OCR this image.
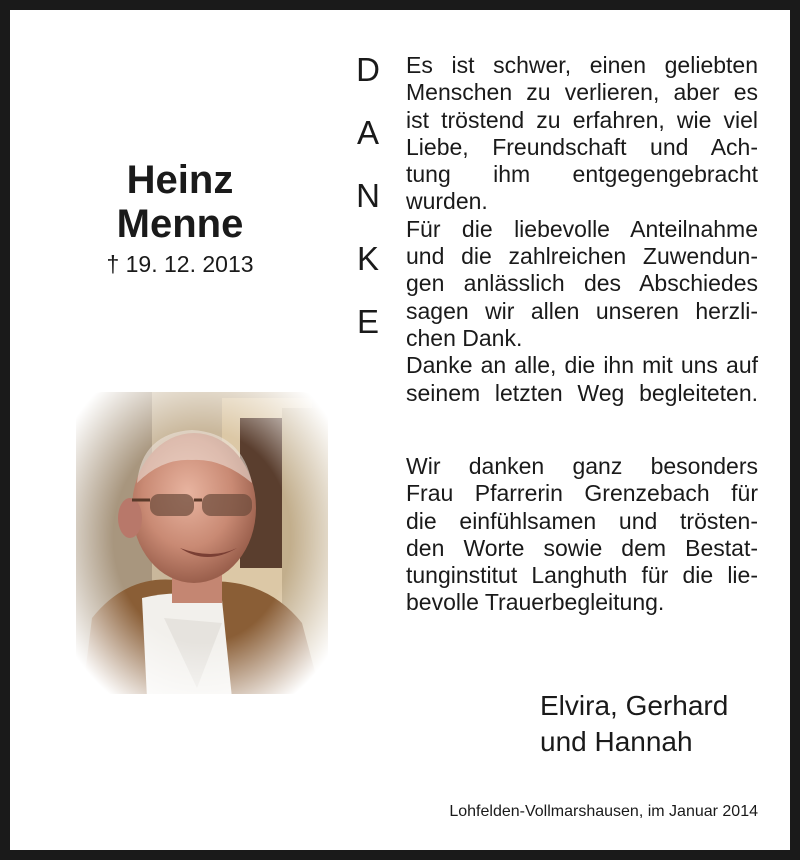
Heinz
Menne
† 19. 12. 2013
D
A
N
K
E
Es ist schwer, einen geliebten
Menschen zu verlieren, aber es
ist tröstend zu erfahren, wie viel
Liebe, Freundschaft und Ach-
tung ihm entgegengebracht
wurden.
Für die liebevolle Anteilnahme
und die zahlreichen Zuwendun-
gen anlässlich des Abschiedes
sagen wir allen unseren herzli-
chen Dank.
Danke an alle, die ihn mit uns auf
seinem letzten Weg begleiteten.
Wir danken ganz besonders
Frau Pfarrerin Grenzebach für
die einfühlsamen und trösten-
den Worte sowie dem Bestat-
tunginstitut Langhuth für die lie-
bevolle Trauerbegleitung.
Elvira, Gerhard
und Hannah
Lohfelden-Vollmarshausen, im Januar 2014
